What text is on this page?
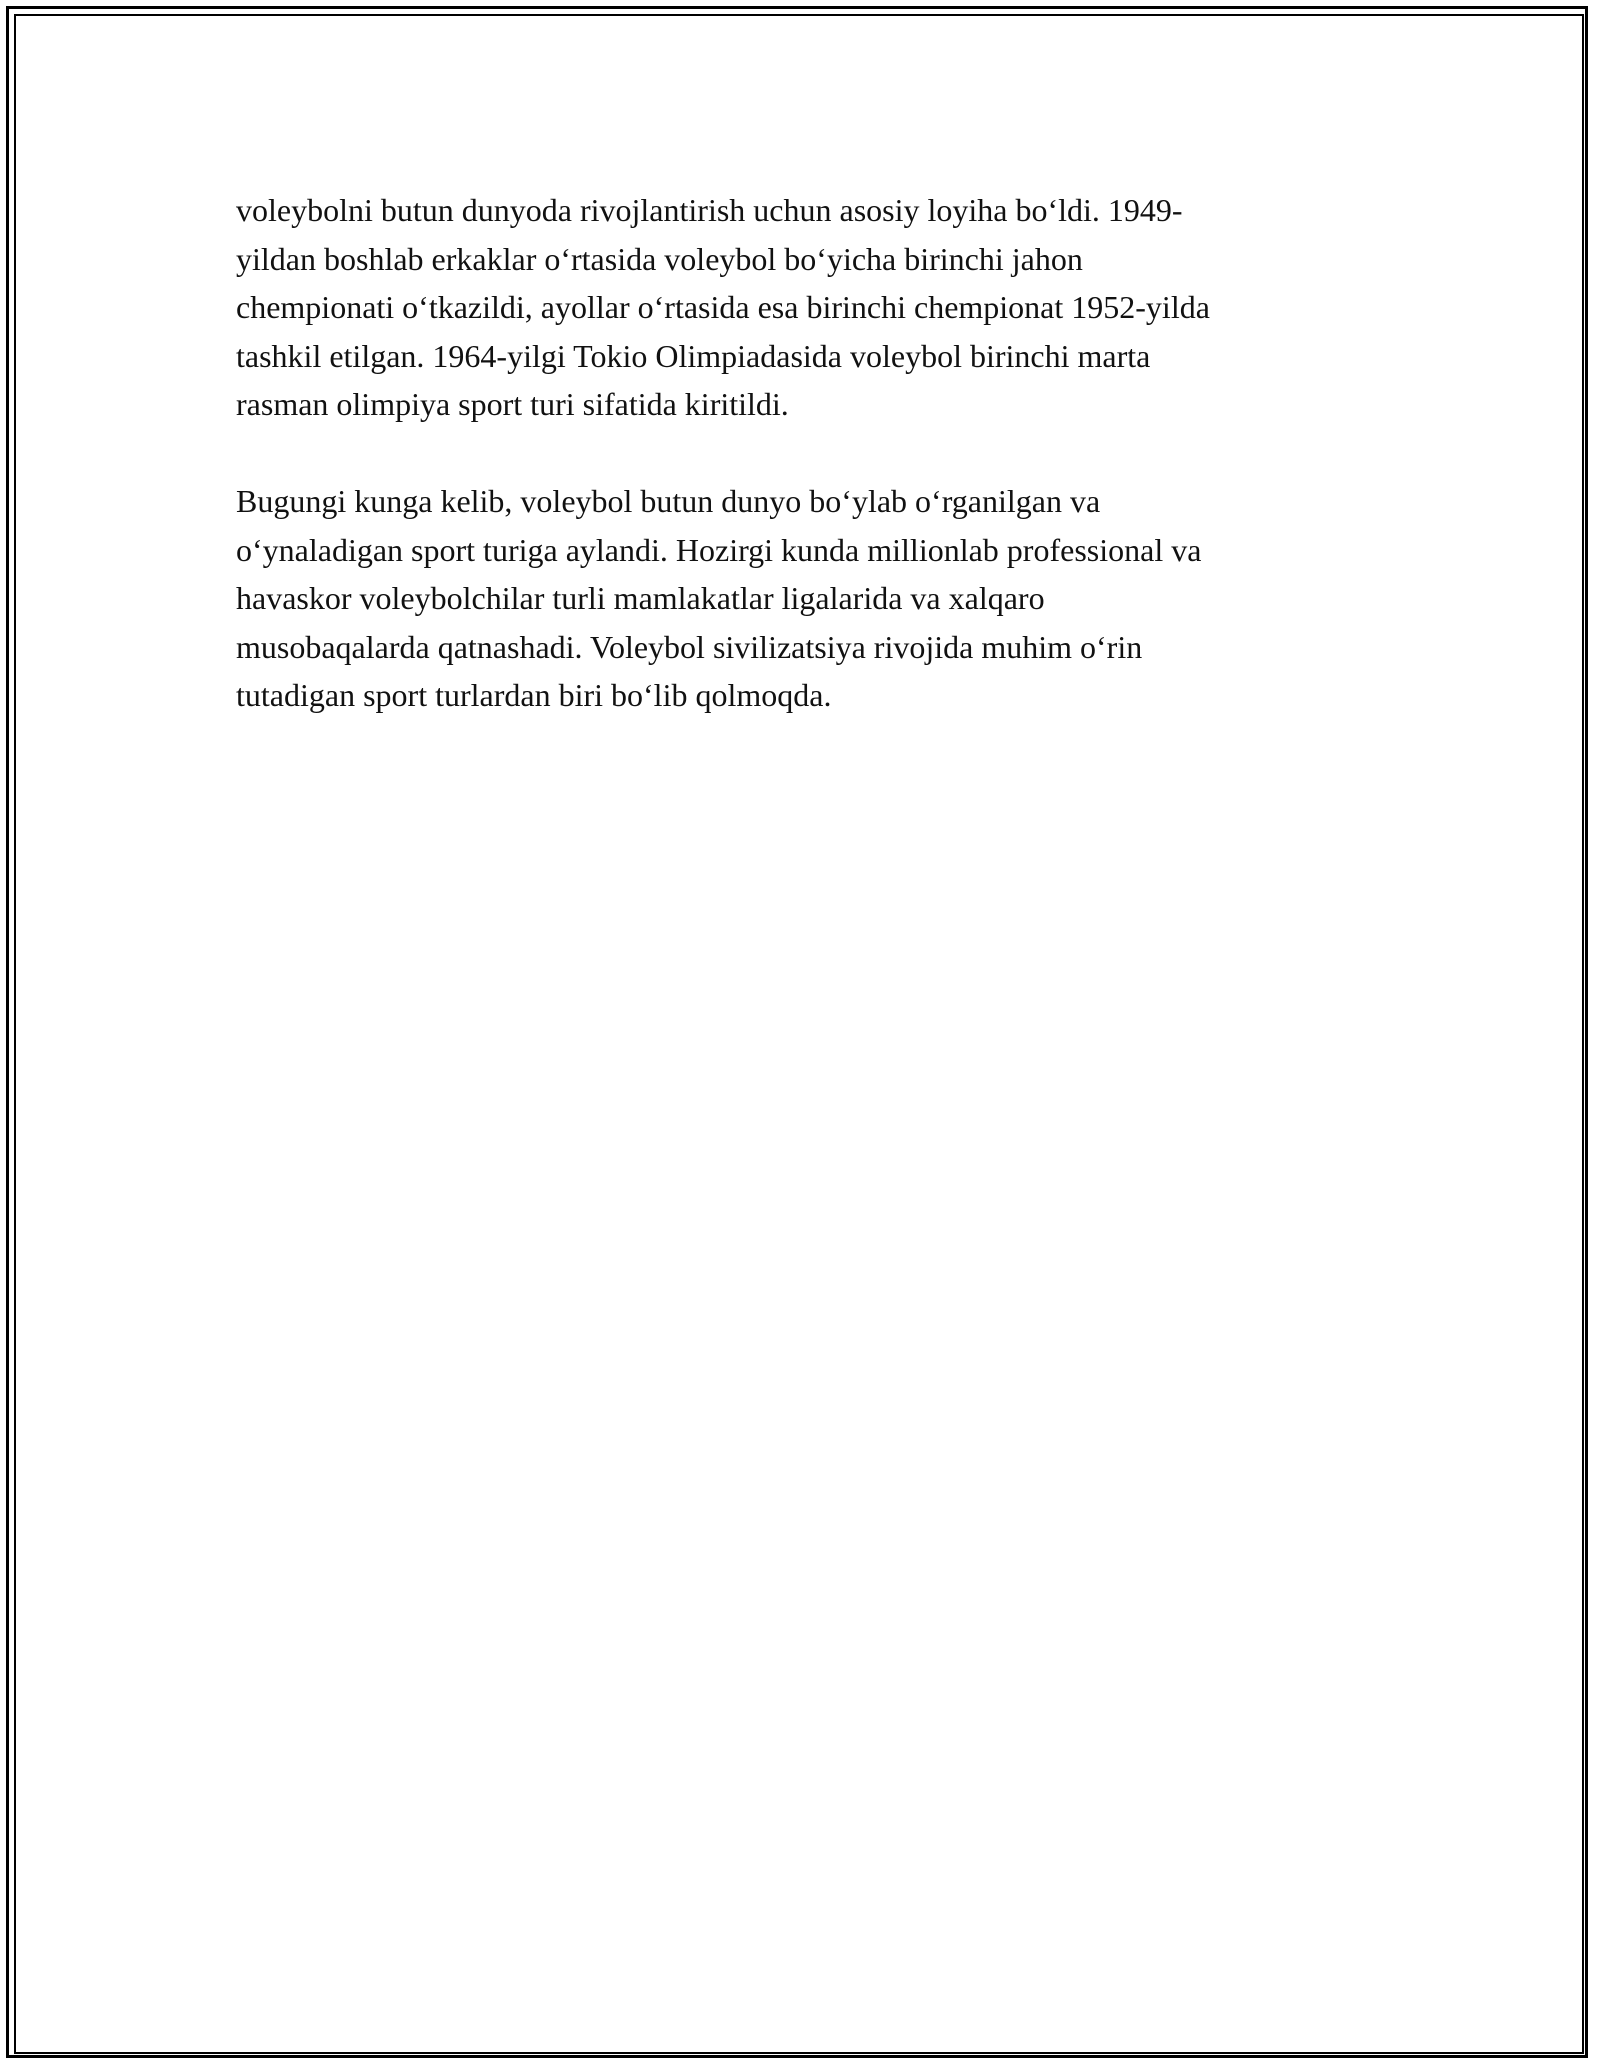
voleybolni butun dunyoda rivojlantirish uchun asosiy loyiha boʻldi. 1949-
yildan boshlab erkaklar oʻrtasida voleybol boʻyicha birinchi jahon
chempionati oʻtkazildi, ayollar oʻrtasida esa birinchi chempionat 1952-yilda
tashkil etilgan. 1964-yilgi Tokio Olimpiadasida voleybol birinchi marta
rasman olimpiya sport turi sifatida kiritildi.

Bugungi kunga kelib, voleybol butun dunyo boʻylab oʻrganilgan va
oʻynaladigan sport turiga aylandi. Hozirgi kunda millionlab professional va
havaskor voleybolchilar turli mamlakatlar ligalarida va xalqaro
musobaqalarda qatnashadi. Voleybol sivilizatsiya rivojida muhim oʻrin
tutadigan sport turlardan biri boʻlib qolmoqda.
